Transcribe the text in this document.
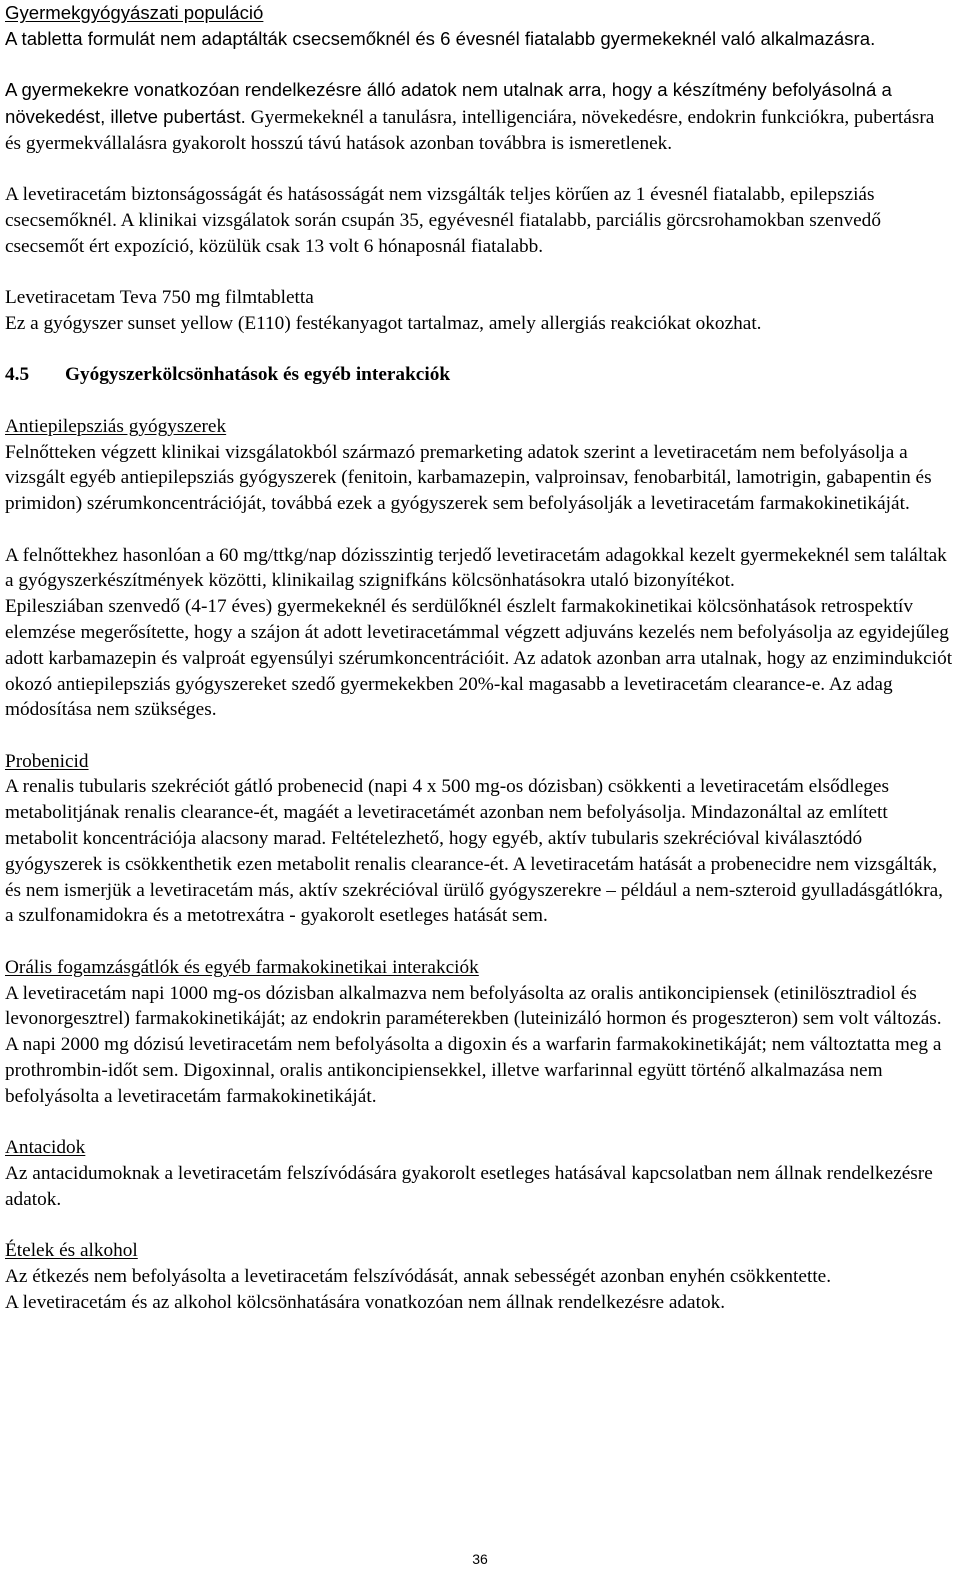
Gyermekgyógyászati populáció

A tabletta formulát nem adaptálták csecsemőknél és 6 évesnél fiatalabb gyermekeknél való alkalmazásra.

A gyermekekre vonatkozóan rendelkezésre álló adatok nem utalnak arra, hogy a készítmény befolyásolná a növekedést, illetve pubertást. Gyermekeknél a tanulásra, intelligenciára, növekedésre, endokrin funkciókra, pubertásra és gyermekvállalásra gyakorolt hosszú távú hatások azonban továbbra is ismeretlenek.

A levetiracetám biztonságosságát és hatásosságát nem vizsgálták teljes körűen az 1 évesnél fiatalabb, epilepsziás csecsemőknél. A klinikai vizsgálatok során csupán 35, egyévesnél fiatalabb, parciális görcsrohamokban szenvedő csecsemőt ért expozíció, közülük csak 13 volt 6 hónaposnál fiatalabb.

Levetiracetam Teva 750 mg filmtabletta

Ez a gyógyszer sunset yellow (E110) festékanyagot tartalmaz, amely allergiás reakciókat okozhat.

4.5 Gyógyszerkölcsönhatások és egyéb interakciók

Antiepilepsziás gyógyszerek

Felnőtteken végzett klinikai vizsgálatokból származó premarketing adatok szerint a levetiracetám nem befolyásolja a vizsgált egyéb antiepilepsziás gyógyszerek (fenitoin, karbamazepin, valproinsav, fenobarbitál, lamotrigin, gabapentin és primidon) szérumkoncentrációját, továbbá ezek a gyógyszerek sem befolyásolják a levetiracetám farmakokinetikáját.

A felnőttekhez hasonlóan a 60 mg/ttkg/nap dózisszintig terjedő levetiracetám adagokkal kezelt gyermekeknél sem találtak a gyógyszerkészítmények közötti, klinikailag szignifkáns kölcsönhatásokra utaló bizonyítékot.

Epilesziában szenvedő (4-17 éves) gyermekeknél és serdülőknél észlelt farmakokinetikai kölcsönhatások retrospektív elemzése megerősítette, hogy a szájon át adott levetiracetámmal végzett adjuváns kezelés nem befolyásolja az egyidejűleg adott karbamazepin és valproát egyensúlyi szérumkoncentrációit. Az adatok azonban arra utalnak, hogy az enzimindukciót okozó antiepilepsziás gyógyszereket szedő gyermekekben 20%-kal magasabb a levetiracetám clearance-e. Az adag módosítása nem szükséges.

Probenicid

A renalis tubularis szekréciót gátló probenecid (napi 4 x 500 mg-os dózisban) csökkenti a levetiracetám elsődleges metabolitjának renalis clearance-ét, magáét a levetiracetámét azonban nem befolyásolja. Mindazonáltal az említett metabolit koncentrációja alacsony marad. Feltételezhető, hogy egyéb, aktív tubularis szekrécióval kiválasztódó gyógyszerek is csökkenthetik ezen metabolit renalis clearance-ét. A levetiracetám hatását a probenecidre nem vizsgálták, és nem ismerjük a levetiracetám más, aktív szekrécióval ürülő gyógyszerekre – például a nem-szteroid gyulladásgátlókra, a szulfonamidokra és a metotrexátra - gyakorolt esetleges hatását sem.

Orális fogamzásgátlók és egyéb farmakokinetikai interakciók

A levetiracetám napi 1000 mg-os dózisban alkalmazva nem befolyásolta az oralis antikoncipiensek (etinilösztradiol és levonorgesztrel) farmakokinetikáját; az endokrin paraméterekben (luteinizáló hormon és progeszteron) sem volt változás. A napi 2000 mg dózisú levetiracetám nem befolyásolta a digoxin és a warfarin farmakokinetikáját; nem változtatta meg a prothrombin-időt sem. Digoxinnal, oralis antikoncipiensekkel, illetve warfarinnal együtt történő alkalmazása nem befolyásolta a levetiracetám farmakokinetikáját.

Antacidok

Az antacidumoknak a levetiracetám felszívódására gyakorolt esetleges hatásával kapcsolatban nem állnak rendelkezésre adatok.

Ételek és alkohol

Az étkezés nem befolyásolta a levetiracetám felszívódását, annak sebességét azonban enyhén csökkentette.

A levetiracetám és az alkohol kölcsönhatására vonatkozóan nem állnak rendelkezésre adatok.

36
